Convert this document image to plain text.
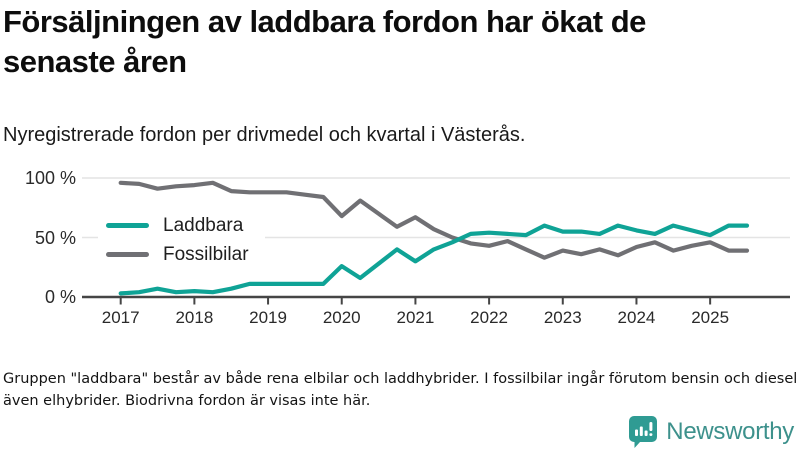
Försäljningen av laddbara fordon har ökat de senaste åren
Nyregistrerade fordon per drivmedel och kvartal i Västerås.
100 %
50 %
0 %
2017	2018	2019	2020	2021	2022	2023	2024	2025
Laddbara
Fossilbilar
Gruppen "laddbara" består av både rena elbilar och laddhybrider. I fossilbilar ingår förutom bensin och diesel även elhybrider. Biodrivna fordon är visas inte här.
Newsworthy
